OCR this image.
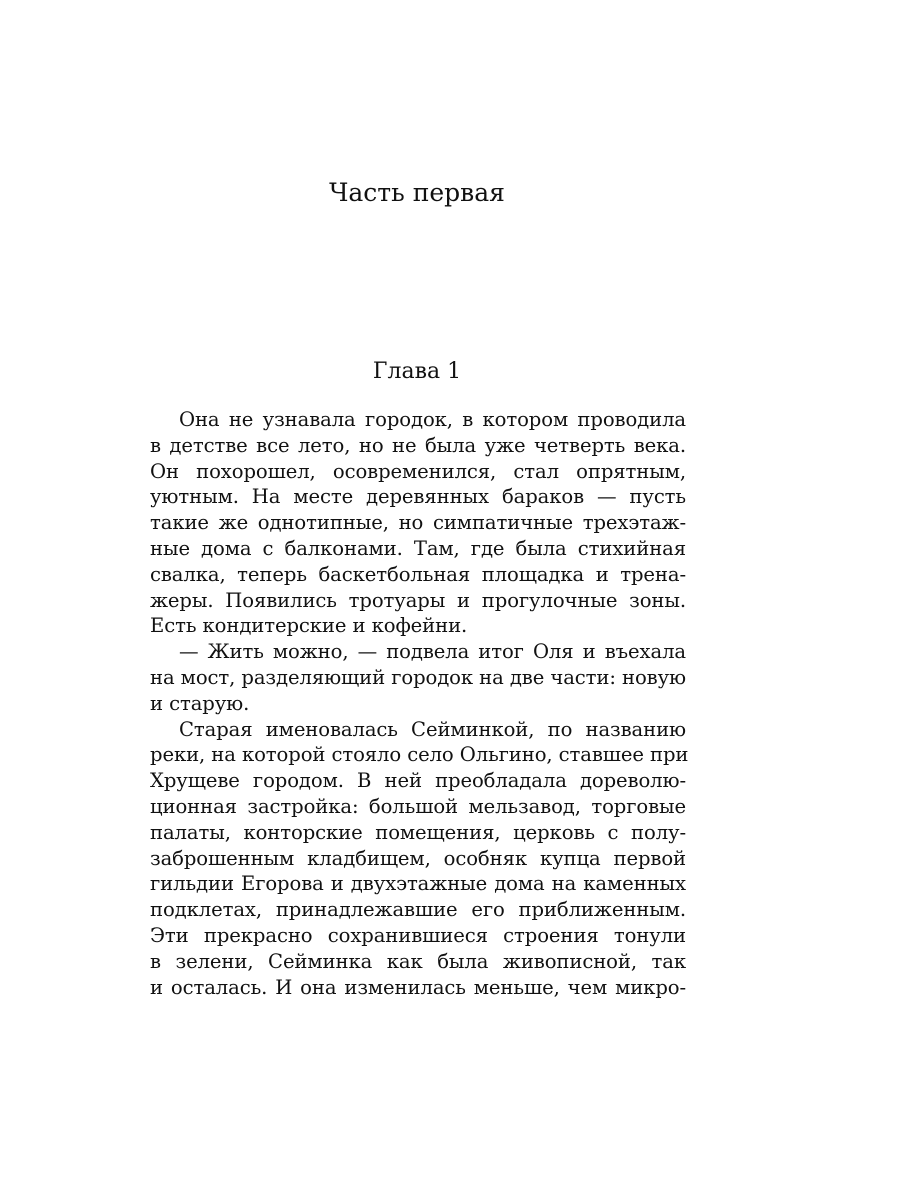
Часть первая
Глава 1
Она не узнавала городок, в котором проводила
в детстве все лето, но не была уже четверть века.
Он похорошел, осовременился, стал опрятным,
уютным. На месте деревянных бараков — пусть
такие же однотипные, но симпатичные трехэтаж-
ные дома с балконами. Там, где была стихийная
свалка, теперь баскетбольная площадка и трена-
жеры. Появились тротуары и прогулочные зоны.
Есть кондитерские и кофейни.
— Жить можно, — подвела итог Оля и въехала
на мост, разделяющий городок на две части: новую
и старую.
Старая именовалась Сейминкой, по названию
реки, на которой стояло село Ольгино, ставшее при
Хрущеве городом. В ней преобладала дореволю-
ционная застройка: большой мельзавод, торговые
палаты, конторские помещения, церковь с полу-
заброшенным кладбищем, особняк купца первой
гильдии Егорова и двухэтажные дома на каменных
подклетах, принадлежавшие его приближенным.
Эти прекрасно сохранившиеся строения тонули
в зелени, Сейминка как была живописной, так
и осталась. И она изменилась меньше, чем микро-
